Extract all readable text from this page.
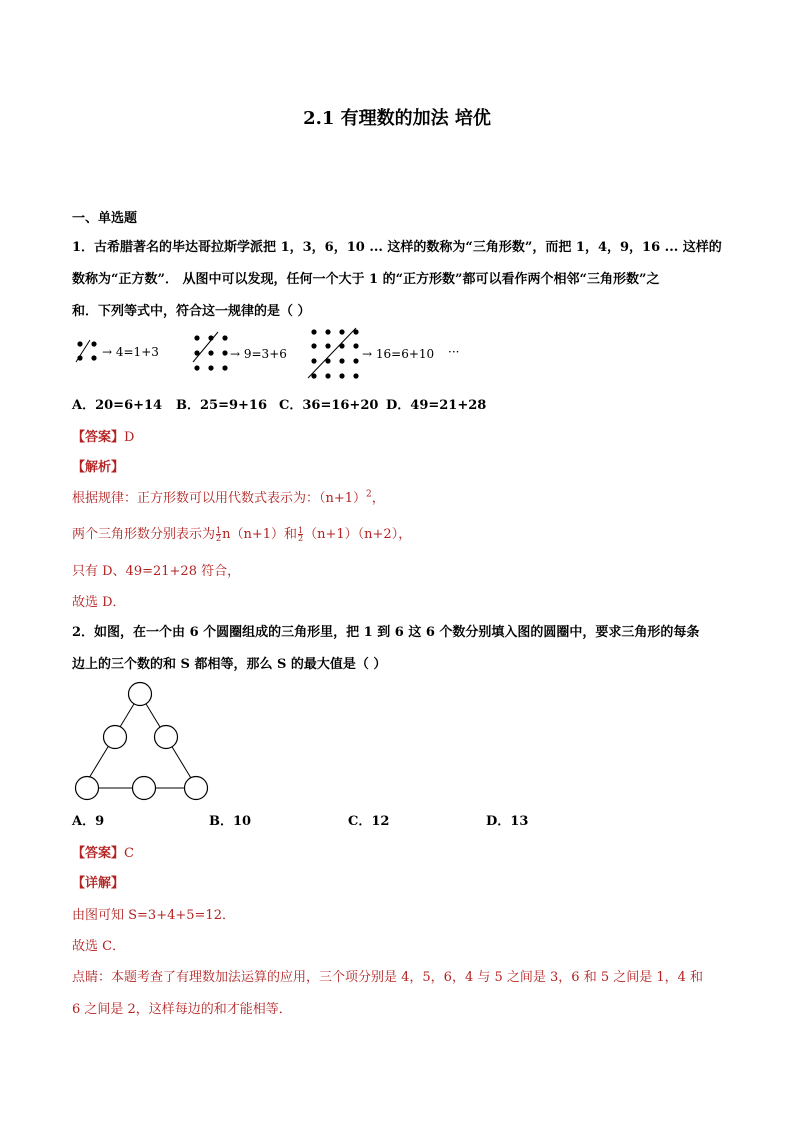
2.1 有理数的加法 培优
一、单选题
1．古希腊著名的毕达哥拉斯学派把 1，3，6，10 ... 这样的数称为“三角形数”，而把 1，4，9，16 ... 这样的
数称为“正方数”． 从图中可以发现，任何一个大于 1 的“正方形数”都可以看作两个相邻“三角形数”之
和．下列等式中，符合这一规律的是（ ）
→ 4=1+3	→ 9=3+6	→ 16=6+10 ···
A．20=6+14 B．25=9+16 C．36=16+20 D．49=21+28
【答案】D
【解析】
根据规律：正方形数可以用代数式表示为：$(n+1)^2$，
两个三角形数分别表示为 $\frac{1}{2} n(n+1)$和 $\frac{1}{2} (n+1)(n+2)$，
只有 D、49=21+28 符合，
故选 D．
2．如图，在一个由 6 个圆圈组成的三角形里，把 1 到 6 这 6 个数分别填入图的圆圈中，要求三角形的每条
边上的三个数的和 S 都相等，那么 S 的最大值是（ ）
A．9	B．10	C．12	D．13
【答案】C
【详解】
由图可知 S=3+4+5=12．
故选 C．
点睛：本题考查了有理数加法运算的应用，三个项分别是 4，5，6，4 与 5 之间是 3，6 和 5 之间是 1，4 和
6 之间是 2，这样每边的和才能相等．
